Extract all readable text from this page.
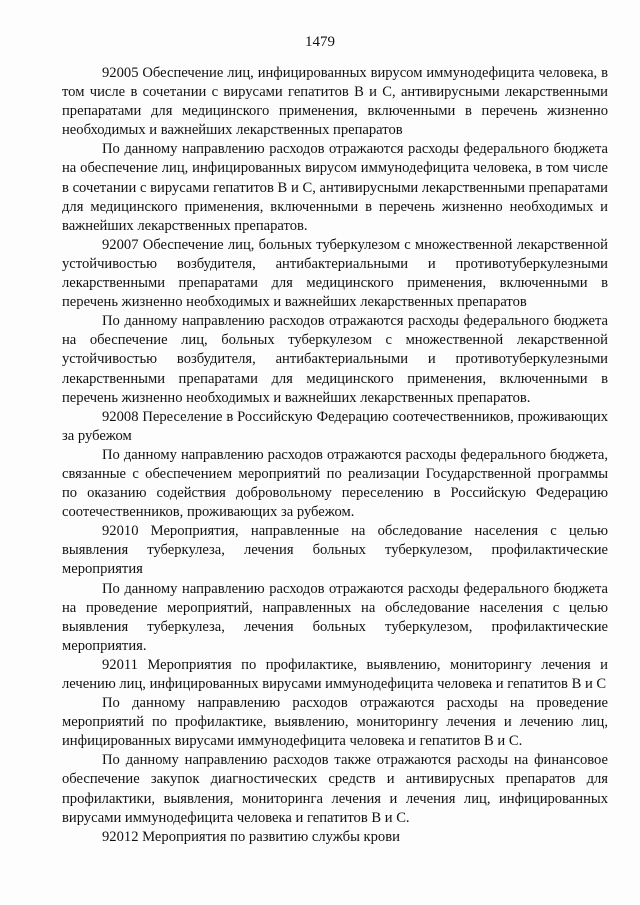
1479

92005 Обеспечение лиц, инфицированных вирусом иммунодефицита человека, в том числе в сочетании с вирусами гепатитов В и С, антивирусными лекарственными препаратами для медицинского применения, включенными в перечень жизненно необходимых и важнейших лекарственных препаратов

По данному направлению расходов отражаются расходы федерального бюджета на обеспечение лиц, инфицированных вирусом иммунодефицита человека, в том числе в сочетании с вирусами гепатитов В и С, антивирусными лекарственными препаратами для медицинского применения, включенными в перечень жизненно необходимых и важнейших лекарственных препаратов.

92007 Обеспечение лиц, больных туберкулезом с множественной лекарственной устойчивостью возбудителя, антибактериальными и противотуберкулезными лекарственными препаратами для медицинского применения, включенными в перечень жизненно необходимых и важнейших лекарственных препаратов

По данному направлению расходов отражаются расходы федерального бюджета на обеспечение лиц, больных туберкулезом с множественной лекарственной устойчивостью возбудителя, антибактериальными и противотуберкулезными лекарственными препаратами для медицинского применения, включенными в перечень жизненно необходимых и важнейших лекарственных препаратов.

92008 Переселение в Российскую Федерацию соотечественников, проживающих за рубежом

По данному направлению расходов отражаются расходы федерального бюджета, связанные с обеспечением мероприятий по реализации Государственной программы по оказанию содействия добровольному переселению в Российскую Федерацию соотечественников, проживающих за рубежом.

92010 Мероприятия, направленные на обследование населения с целью выявления туберкулеза, лечения больных туберкулезом, профилактические мероприятия

По данному направлению расходов отражаются расходы федерального бюджета на проведение мероприятий, направленных на обследование населения с целью выявления туберкулеза, лечения больных туберкулезом, профилактические мероприятия.

92011 Мероприятия по профилактике, выявлению, мониторингу лечения и лечению лиц, инфицированных вирусами иммунодефицита человека и гепатитов В и С

По данному направлению расходов отражаются расходы на проведение мероприятий по профилактике, выявлению, мониторингу лечения и лечению лиц, инфицированных вирусами иммунодефицита человека и гепатитов В и С.

По данному направлению расходов также отражаются расходы на финансовое обеспечение закупок диагностических средств и антивирусных препаратов для профилактики, выявления, мониторинга лечения и лечения лиц, инфицированных вирусами иммунодефицита человека и гепатитов В и С.

92012 Мероприятия по развитию службы крови
